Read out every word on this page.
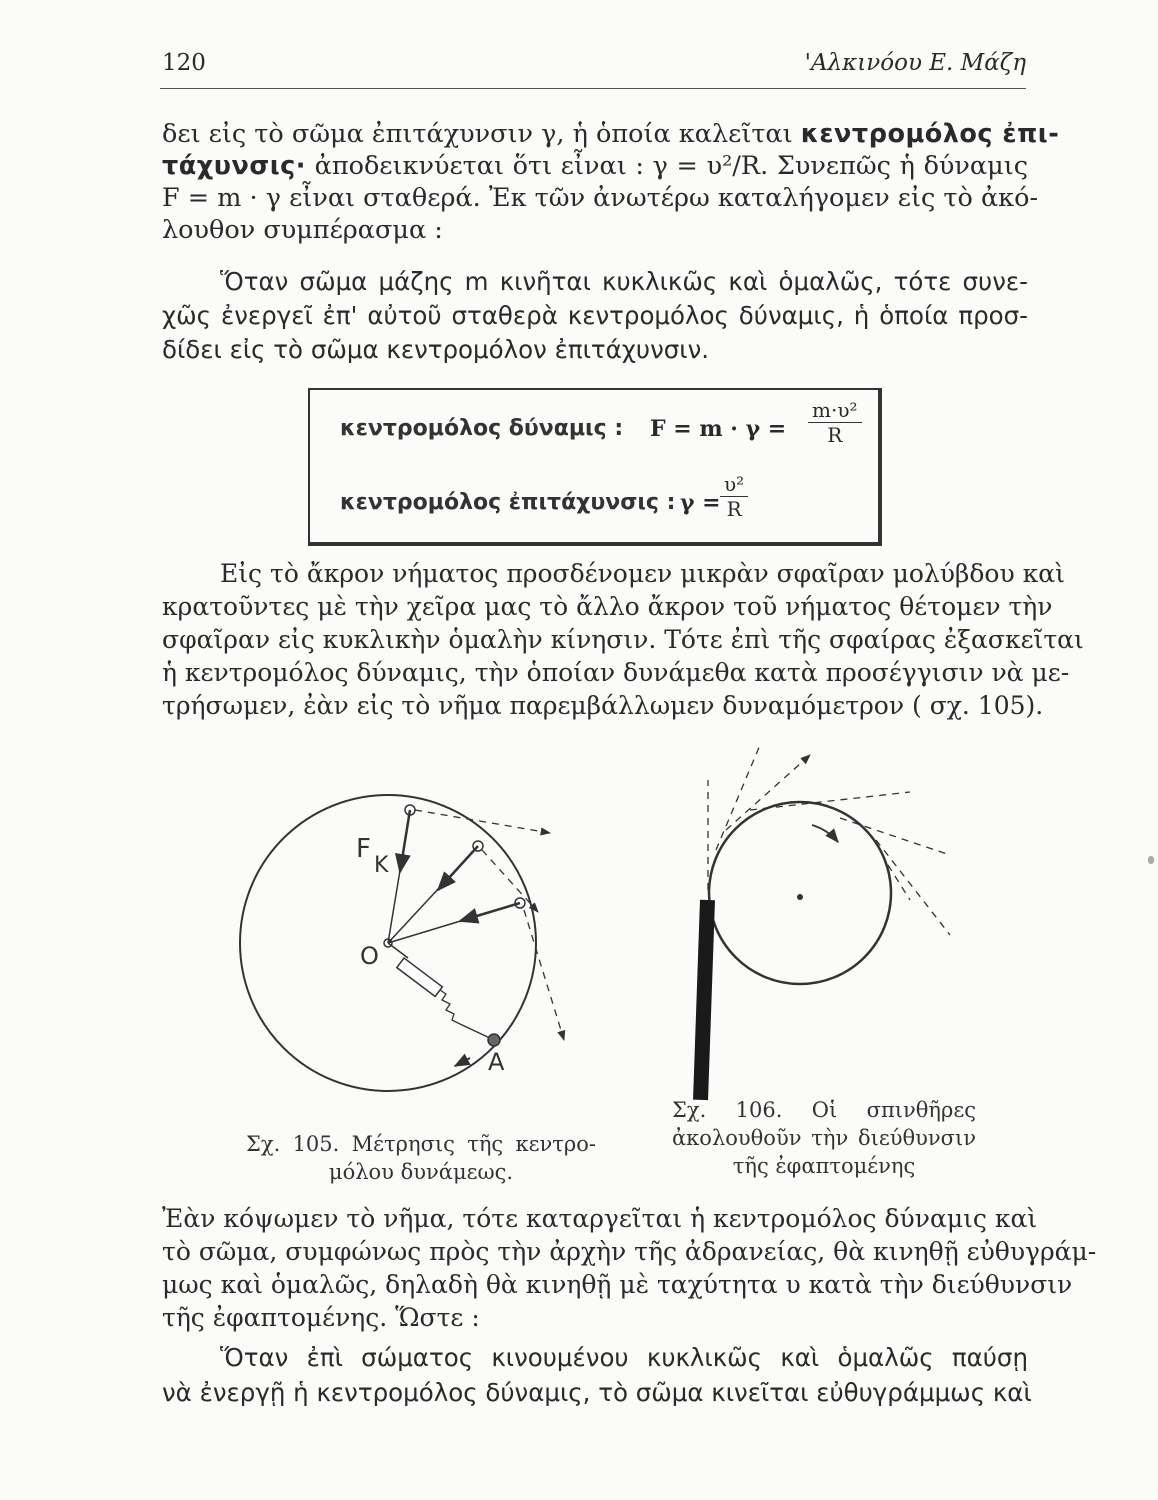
120	'Αλκινόου Ε. Μάζη
δει εἰς τὸ σῶμα ἐπιτάχυνσιν γ, ἡ ὁποία καλεῖται κεντρομόλος ἐπι-
τάχυνσις· ἀποδεικνύεται ὅτι εἶναι : γ = υ²/R. Συνεπῶς ἡ δύναμις
F = m · γ εἶναι σταθερά. Ἐκ τῶν ἀνωτέρω καταλήγομεν εἰς τὸ ἀκό-
λουθον συμπέρασμα :
Ὅταν σῶμα μάζης m κινῆται κυκλικῶς καὶ ὁμαλῶς, τότε συνε-
χῶς ἐνεργεῖ ἐπ' αὐτοῦ σταθερὰ κεντρομόλος δύναμις, ἡ ὁποία προσ-
δίδει εἰς τὸ σῶμα κεντρομόλον ἐπιτάχυνσιν.
κεντρομόλος δύναμις : $F = m \cdot \gamma = \frac{\text{m·υ²}}{R}$
κεντρομόλος ἐπιτάχυνσις : $\gamma = \frac{\text{υ²}}{R}$
Εἰς τὸ ἄκρον νήματος προσδένομεν μικρὰν σφαῖραν μολύβδου καὶ
κρατοῦντες μὲ τὴν χεῖρα μας τὸ ἄλλο ἄκρον τοῦ νήματος θέτομεν τὴν
σφαῖραν εἰς κυκλικὴν ὁμαλὴν κίνησιν. Τότε ἐπὶ τῆς σφαίρας ἐξασκεῖται
ἡ κεντρομόλος δύναμις, τὴν ὁποίαν δυνάμεθα κατὰ προσέγγισιν νὰ με-
τρήσωμεν, ἐὰν εἰς τὸ νῆμα παρεμβάλλωμεν δυναμόμετρον ( σχ. 105).
F
K
O
A
Σχ. 105. Μέτρησις τῆς κεντρο-
μόλου δυνάμεως.
Σχ. 106. Οἱ σπινθῆρες
ἀκολουθοῦν τὴν διεύθυνσιν
τῆς ἐφαπτομένης
Ἐὰν κόψωμεν τὸ νῆμα, τότε καταργεῖται ἡ κεντρομόλος δύναμις καὶ
τὸ σῶμα, συμφώνως πρὸς τὴν ἀρχὴν τῆς ἀδρανείας, θὰ κινηθῇ εὐθυγράμ-
μως καὶ ὁμαλῶς, δηλαδὴ θὰ κινηθῇ μὲ ταχύτητα υ κατὰ τὴν διεύθυνσιν
τῆς ἐφαπτομένης. Ὥστε :
Ὅταν ἐπὶ σώματος κινουμένου κυκλικῶς καὶ ὁμαλῶς παύσῃ
νὰ ἐνεργῇ ἡ κεντρομόλος δύναμις, τὸ σῶμα κινεῖται εὐθυγράμμως καὶ
